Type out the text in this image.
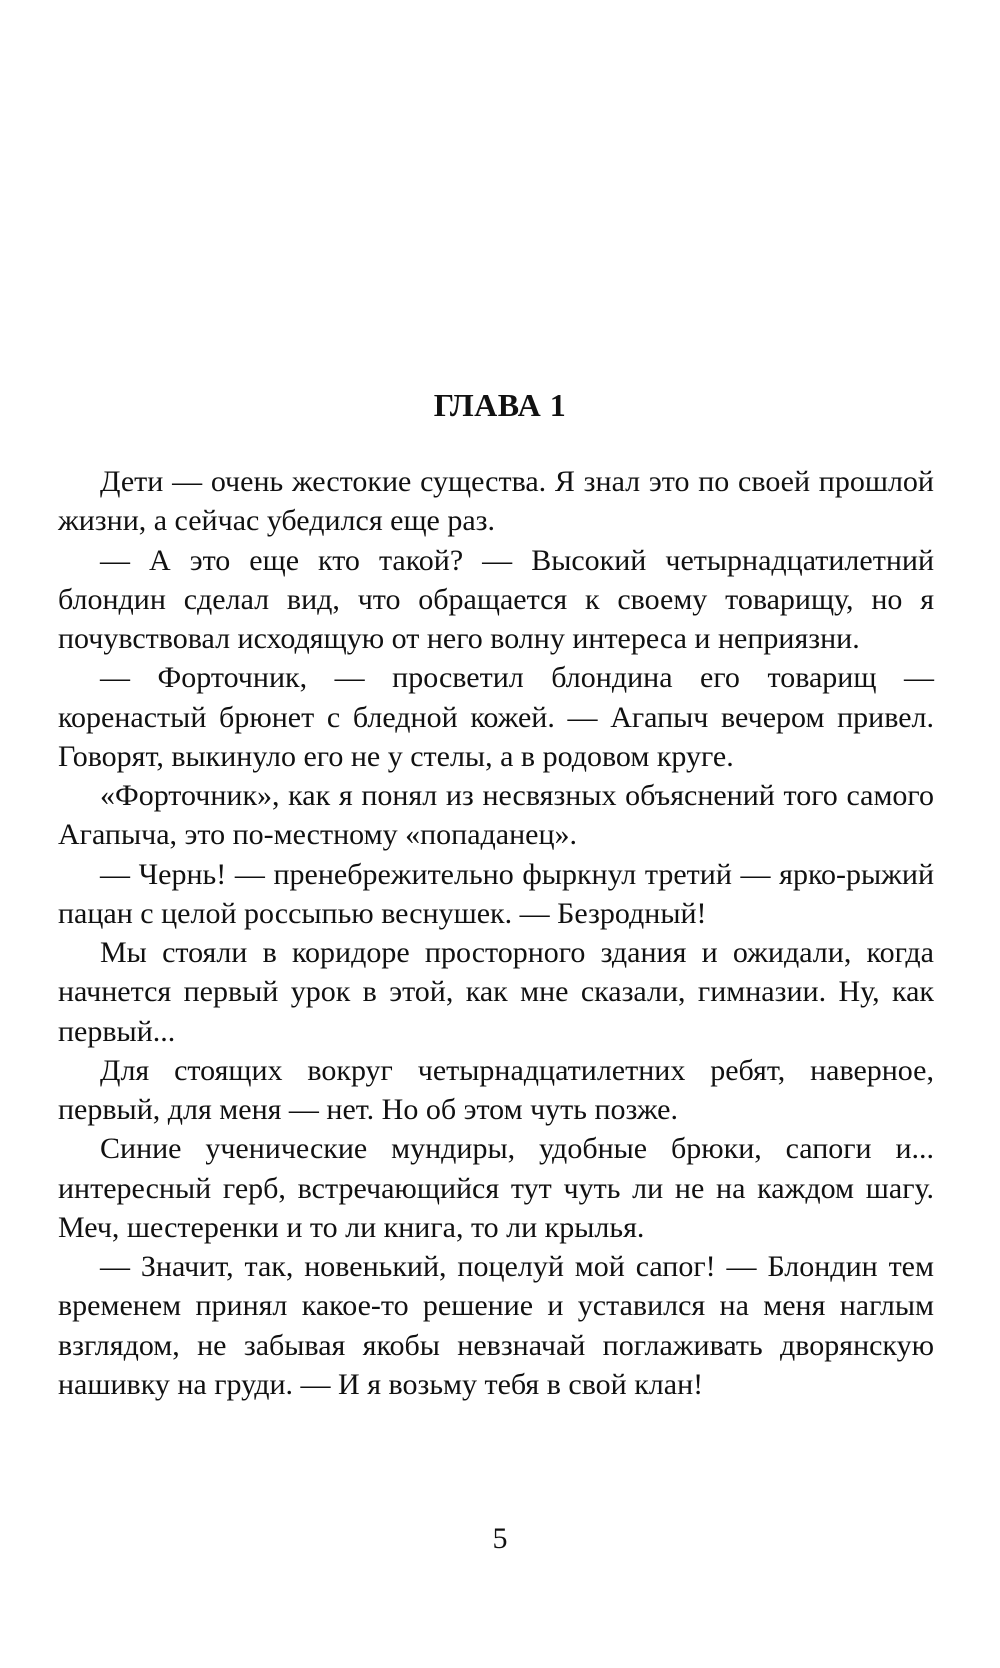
ГЛАВА 1

Дети — очень жестокие существа. Я знал это по своей прошлой жизни, а сейчас убедился еще раз.

— А это еще кто такой? — Высокий четырнадцатилетний блондин сделал вид, что обращается к своему товарищу, но я почувствовал исходящую от него волну интереса и неприязни.

— Форточник, — просветил блондина его товарищ — коренастый брюнет с бледной кожей. — Агапыч вечером привел. Говорят, выкинуло его не у стелы, а в родовом круге.

«Форточник», как я понял из несвязных объяснений того самого Агапыча, это по-местному «попаданец».

— Чернь! — пренебрежительно фыркнул третий — ярко-рыжий пацан с целой россыпью веснушек. — Безродный!

Мы стояли в коридоре просторного здания и ожидали, когда начнется первый урок в этой, как мне сказали, гимназии. Ну, как первый...

Для стоящих вокруг четырнадцатилетних ребят, наверное, первый, для меня — нет. Но об этом чуть позже.

Синие ученические мундиры, удобные брюки, сапоги и... интересный герб, встречающийся тут чуть ли не на каждом шагу. Меч, шестеренки и то ли книга, то ли крылья.

— Значит, так, новенький, поцелуй мой сапог! — Блондин тем временем принял какое-то решение и уставился на меня наглым взглядом, не забывая якобы невзначай поглаживать дворянскую нашивку на груди. — И я возьму тебя в свой клан!

5
